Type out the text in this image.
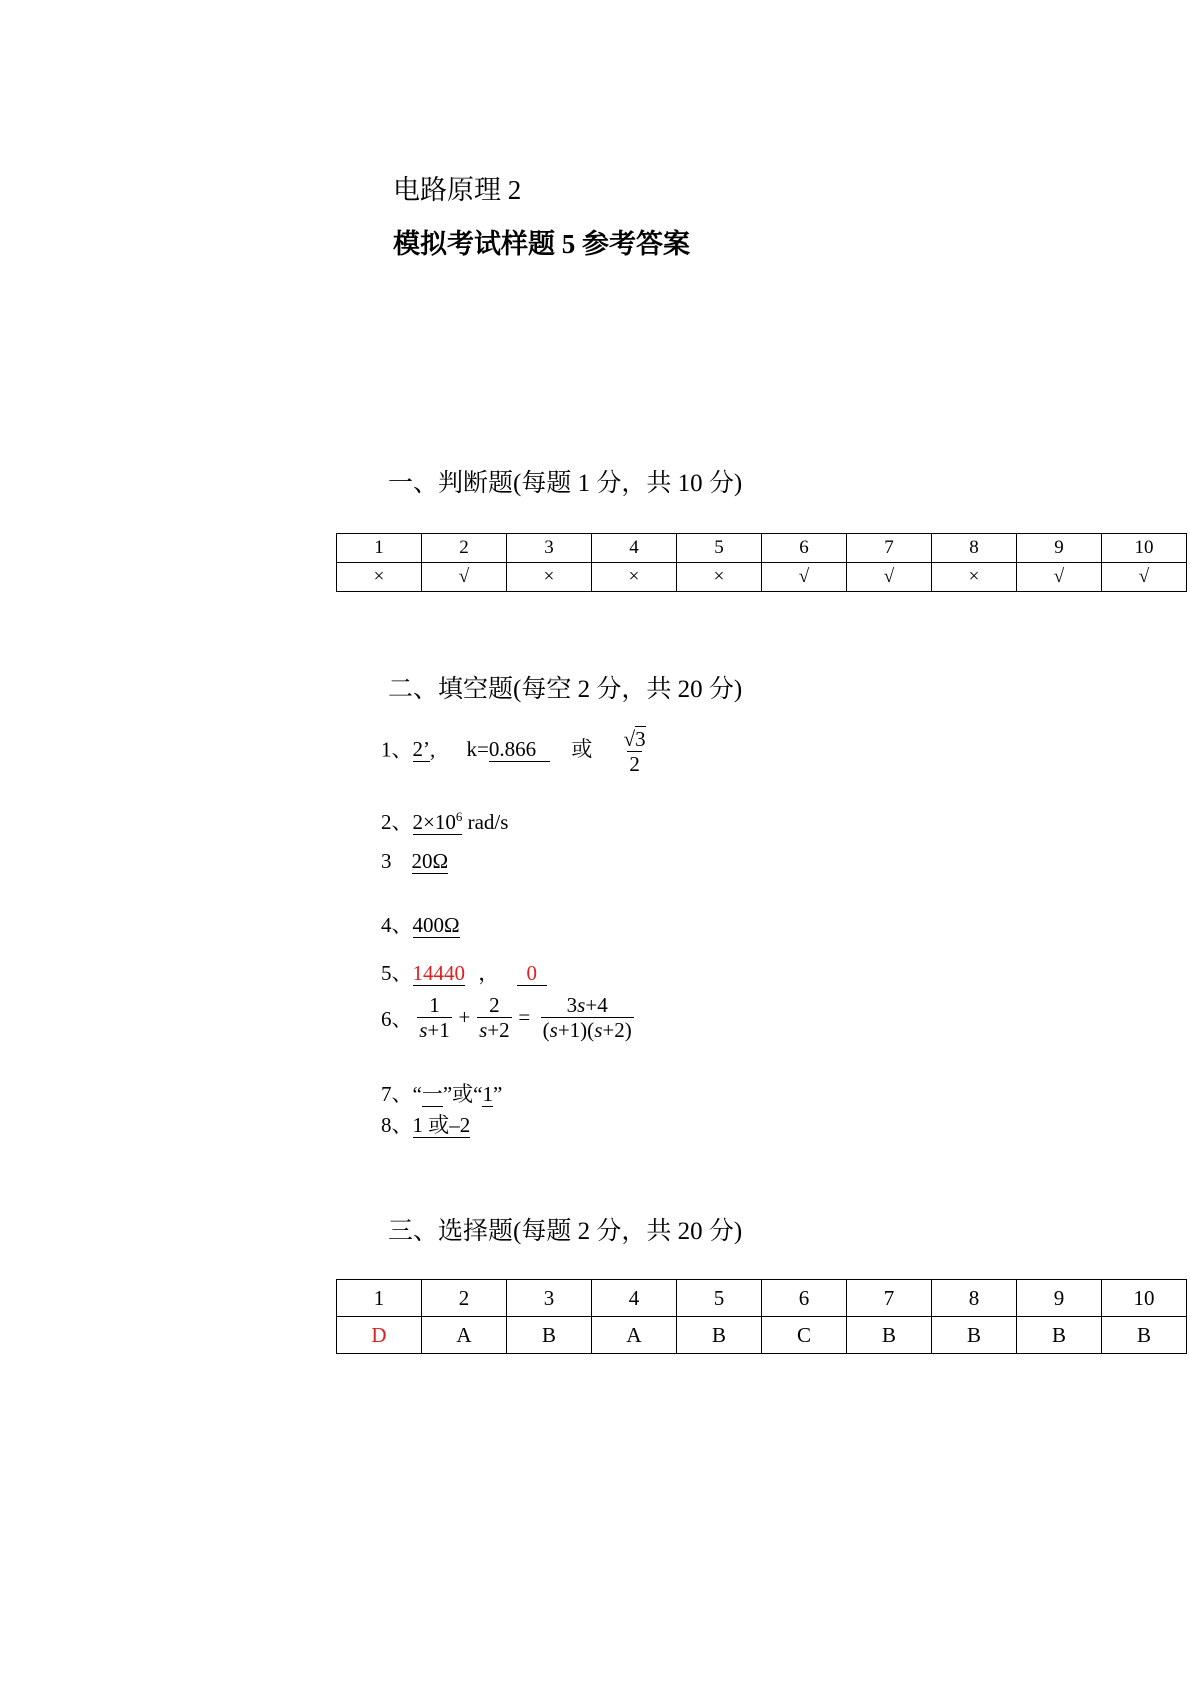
电路原理 2
模拟考试样题 5 参考答案
一、判断题(每题 1 分，共 10 分)
1	2	3	4	5	6	7	8	9	10
×	√	×	×	×	√	√	×	√	√
二、填空题(每空 2 分，共 20 分)
1、2’, k=0.866 或 $\frac{√3}{2}$
2、$2\times 10^6$ rad/s
3 20Ω
4、400Ω
5、14440 ， 0
6、 $\frac{1}{s+1} + \frac{2}{s+2} = \frac{3s+4}{(s+1)(s+2)}$
7、“一”或“1”
8、1 或–2
三、选择题(每题 2 分，共 20 分)
1	2	3	4	5	6	7	8	9	10
D	A	B	A	B	C	B	B	B	B
